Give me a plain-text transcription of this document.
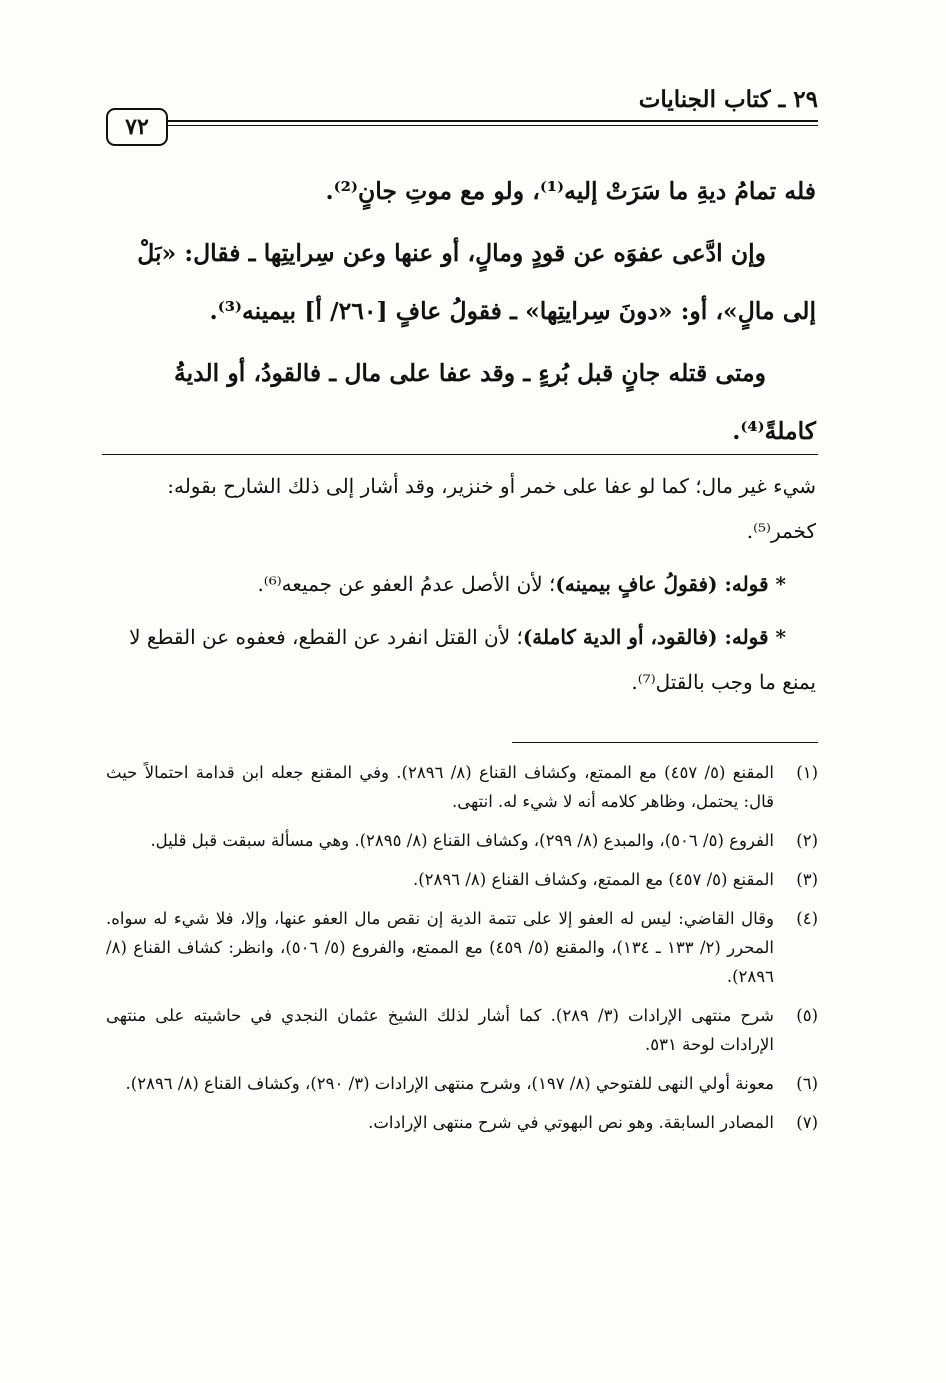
٧٢
٢٩ ـ كتاب الجنايات

فله تمامُ ديةِ ما سَرَتْ إليه⁽¹⁾، ولو مع موتِ جانٍ⁽²⁾.

وإن ادَّعى عفوَه عن قودٍ ومالٍ، أو عنها وعن سِرايتِها ـ فقال: «بَلْ إلى مالٍ»، أو: «دونَ سِرايتِها» ـ فقولُ عافٍ [٢٦٠/ أ] بيمينه⁽³⁾.

ومتى قتله جانٍ قبل بُرءٍ ـ وقد عفا على مال ـ فالقودُ، أو الديةُ كاملةً⁽⁴⁾.

شيء غير مال؛ كما لو عفا على خمر أو خنزير، وقد أشار إلى ذلك الشارح بقوله: كخمر⁽⁵⁾.

* قوله: (فقولُ عافٍ بيمينه)؛ لأن الأصل عدمُ العفو عن جميعه⁽⁶⁾.

* قوله: (فالقود، أو الدية كاملة)؛ لأن القتل انفرد عن القطع، فعفوه عن القطع لا يمنع ما وجب بالقتل⁽⁷⁾.

(١)
المقنع (٥/ ٤٥٧) مع الممتع، وكشاف القناع (٨/ ٢٨٩٦). وفي المقنع جعله ابن قدامة احتمالاً حيث قال: يحتمل، وظاهر كلامه أنه لا شيء له. انتهى.
(٢)
الفروع (٥/ ٥٠٦)، والمبدع (٨/ ٢٩٩)، وكشاف القناع (٨/ ٢٨٩٥). وهي مسألة سبقت قبل قليل.
(٣)
المقنع (٥/ ٤٥٧) مع الممتع، وكشاف القناع (٨/ ٢٨٩٦).
(٤)
وقال القاضي: ليس له العفو إلا على تتمة الدية إن نقص مال العفو عنها، وإلا، فلا شيء له سواه. المحرر (٢/ ١٣٣ ـ ١٣٤)، والمقنع (٥/ ٤٥٩) مع الممتع، والفروع (٥/ ٥٠٦)، وانظر: كشاف القناع (٨/ ٢٨٩٦).
(٥)
شرح منتهى الإرادات (٣/ ٢٨٩). كما أشار لذلك الشيخ عثمان النجدي في حاشيته على منتهى الإرادات لوحة ٥٣١.
(٦)
معونة أولي النهى للفتوحي (٨/ ١٩٧)، وشرح منتهى الإرادات (٣/ ٢٩٠)، وكشاف القناع (٨/ ٢٨٩٦).
(٧)
المصادر السابقة. وهو نص البهوتي في شرح منتهى الإرادات.
